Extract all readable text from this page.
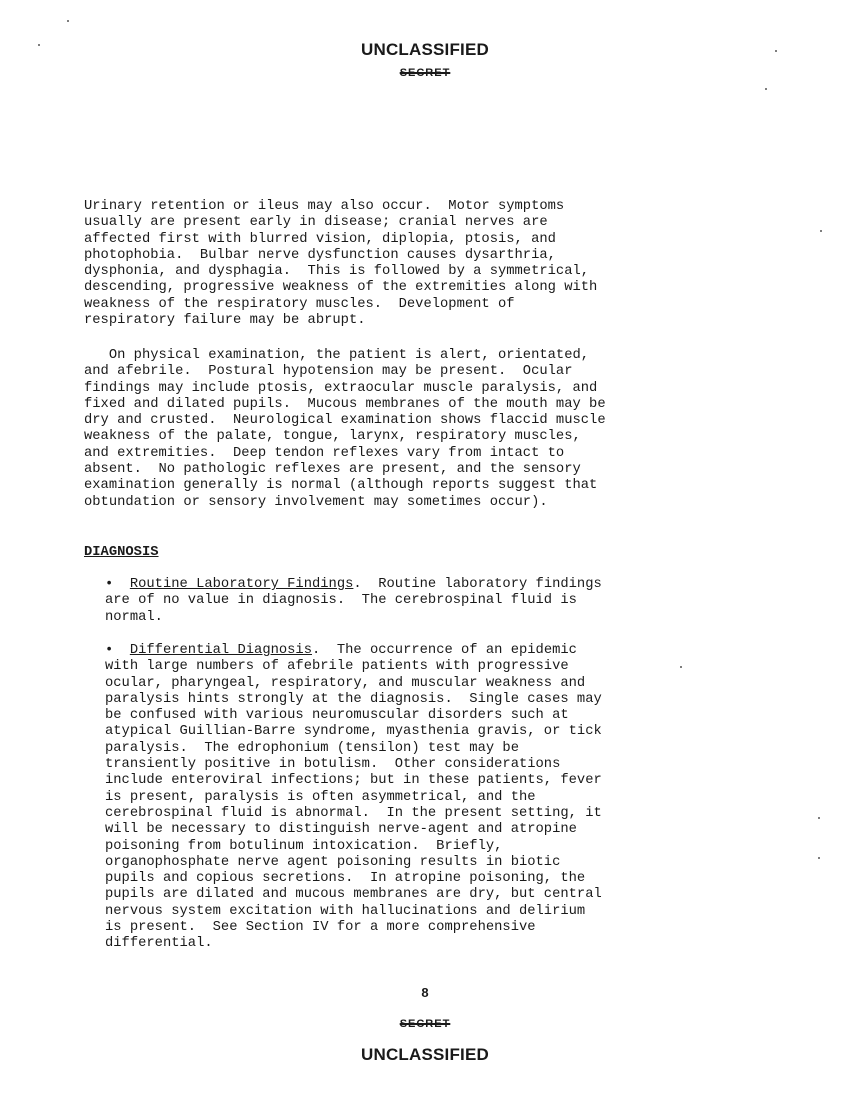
UNCLASSIFIED
SECRET

Urinary retention or ileus may also occur.  Motor symptoms
usually are present early in disease; cranial nerves are
affected first with blurred vision, diplopia, ptosis, and
photophobia.  Bulbar nerve dysfunction causes dysarthria,
dysphonia, and dysphagia.  This is followed by a symmetrical,
descending, progressive weakness of the extremities along with
weakness of the respiratory muscles.  Development of
respiratory failure may be abrupt.

On physical examination, the patient is alert, orientated,
and afebrile.  Postural hypotension may be present.  Ocular
findings may include ptosis, extraocular muscle paralysis, and
fixed and dilated pupils.  Mucous membranes of the mouth may be
dry and crusted.  Neurological examination shows flaccid muscle
weakness of the palate, tongue, larynx, respiratory muscles,
and extremities.  Deep tendon reflexes vary from intact to
absent.  No pathologic reflexes are present, and the sensory
examination generally is normal (although reports suggest that
obtundation or sensory involvement may sometimes occur).

DIAGNOSIS

•  Routine Laboratory Findings.  Routine laboratory findings
are of no value in diagnosis.  The cerebrospinal fluid is
normal.

•  Differential Diagnosis.  The occurrence of an epidemic
with large numbers of afebrile patients with progressive
ocular, pharyngeal, respiratory, and muscular weakness and
paralysis hints strongly at the diagnosis.  Single cases may
be confused with various neuromuscular disorders such at
atypical Guillian-Barre syndrome, myasthenia gravis, or tick
paralysis.  The edrophonium (tensilon) test may be
transiently positive in botulism.  Other considerations
include enteroviral infections; but in these patients, fever
is present, paralysis is often asymmetrical, and the
cerebrospinal fluid is abnormal.  In the present setting, it
will be necessary to distinguish nerve-agent and atropine
poisoning from botulinum intoxication.  Briefly,
organophosphate nerve agent poisoning results in biotic
pupils and copious secretions.  In atropine poisoning, the
pupils are dilated and mucous membranes are dry, but central
nervous system excitation with hallucinations and delirium
is present.  See Section IV for a more comprehensive
differential.

8
SECRET
UNCLASSIFIED
